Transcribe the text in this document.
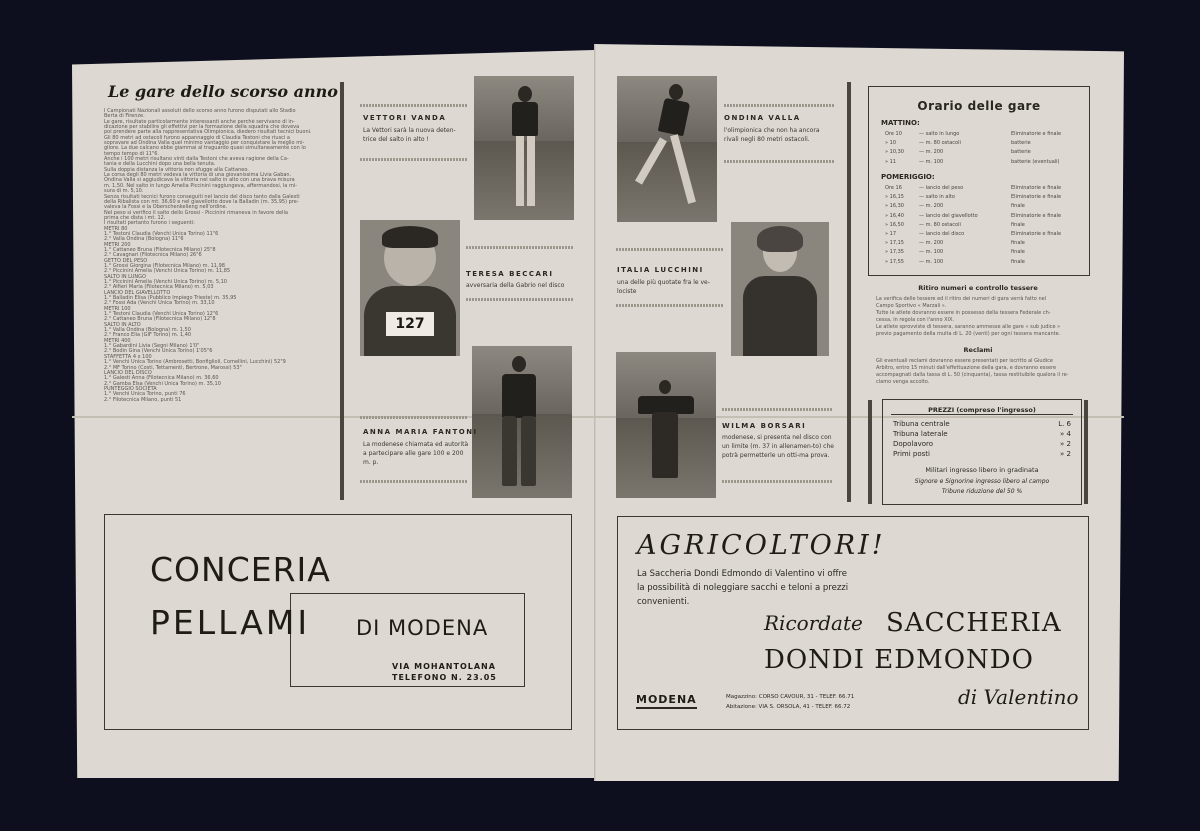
Le gare dello scorso anno
I Campionati Nazionali assoluti dello scorso anno furono disputati allo Stadio
Berta di Firenze.
Le gare, risultate particolarmente interessanti anche perchè servivano di in-
dicazione per stabilire gli effettivi per la formazione della squadra che doveva
poi prendere parte alla rappresentativa Olimpionica, diedero risultati tecnici buoni.
Gli 80 metri ad ostacoli furono appannaggio di Claudia Testoni che riuscì a
sopravare ad Ondina Valla quel minimo vantaggio per conquistare la meglio mi-
gliore. La due calcano ebbe giammai al traguardo quasi simultaneamente con lo
tempo tempo di 11"6.
Anche i 100 metri risultano vinti dalla Testoni che aveva ragione della Ca-
tania e della Lucchini dopo una bella tenuta.
Sulla doppia distanza la vittoria non sfugge alla Cattaneo.
La corsa degli 80 metri vedeva la vittoria di una giovanissima Livia Gaban.
Ondina Valla si aggiudicava la vittoria nel salto in alto con una brava misura
m. 1,50. Nel salto in lungo Amelia Piccinini raggiungeva, affermandosi, la mi-
sura di m. 5,10.
Senza risultati tecnici furono conseguiti nel lancio del disco tanto dalla Galesti
della Ribalista con mt. 36,60 e nel giavellotto dove la Balladin (m. 35,95) pre-
valeva la Fossi e la Oberschenkelieng nell'ordine.
Nel peso si verifico il salto dello Grossi - Piccinini rimaneva in favore della
prima che dista i mt. 12.
I risultati pertanto furono i seguenti:
METRI 80
1.° Testoni Claudia (Venchi Unica Torino) 11"6
2.° Valla Ondina (Bologna) 11"6
METRI 200
1.° Cattaneo Bruna (Filotecnica Milano) 25"8
2.° Cavagnari (Filotecnica Milano) 26"6
GETTO DEL PESO
1.° Grossi Giorgina (Filotecnica Milano) m. 11,98
2.° Piccinini Amelia (Venchi Unica Torino) m. 11,85
SALTO IN LUNGO
1.° Piccinini Amelia (Venchi Unica Torino) m. 5,10
2.° Alfieri Maria (Filotecnica Milano) m. 5,03
LANCIO DEL GIAVELLOTTO
1.° Balladin Elisa (Pubblico Impiego Trieste) m. 35,95
2.° Fossi Ada (Venchi Unica Torino) m. 33,10
METRI 100
1.° Testoni Claudia (Venchi Unica Torino) 12"6
2.° Cattaneo Bruna (Filotecnica Milano) 12"8
SALTO IN ALTO
1.° Valla Ondina (Bologna) m. 1,50
2.° Franco Elia (GIF Torino) m. 1,40
METRI 400
1.° Gabardini Livia (Segni Milano) 1'0"
2.° Bodin Gina (Venchi Unica Torino) 1'05"6
STAFFETTA 4 x 100
1.° Venchi Unica Torino (Ambrosetti, Bonfiglioli, Comellini, Lucchini) 52"9
2.° MF Torino (Costi, Tettamenti, Bertrone, Marossi) 53"
LANCIO DEL DISCO
1.° Galesti Anna (Filotecnica Milano) m. 36,60
2.° Gamba Elsa (Venchi Unica Torino) m. 35,10
PUNTEGGIO SOCIETÀ
1.° Venchi Unica Torino, punti 76
2.° Filotecnica Milano, punti 51
VETTORI VANDA
La Vettori sarà la nuova deten-trice del salto in alto !
127
TERESA BECCARI
avversaria della Gabrio nel disco
ANNA MARIA FANTONI
La modenese chiamata ed autorità a partecipare alle gare 100 e 200 m. p.
CONCERIA
PELLAMI DI MODENA
VIA MOHANTOLANA
TELEFONO N. 23.05
ONDINA VALLA
l'olimpionica che non ha ancora rivali negli 80 metri ostacoli.
ITALIA LUCCHINI
una delle più quotate fra le ve-lociste
WILMA BORSARI
modenese, si presenta nel disco con un limite (m. 37 in allenamen-to) che potrà permetterle un otti-ma prova.
Orario delle gare
MATTINO:
POMERIGGIO:
Ore 10	— salto in lungo	Eliminatorie e finale
» 10	— m. 80 ostacoli	batterie
» 10,30	— m. 200	batterie
» 11	— m. 100	batterie (eventuali)
Ore 16	— lancio del peso	Eliminatorie e finale
» 16,15	— salto in alto	Eliminatorie e finale
» 16,30	— m. 200	finale
» 16,40	— lancio del giavellotto	Eliminatorie e finale
» 16,50	— m. 80 ostacoli	finale
» 17	— lancio del disco	Eliminatorie e finale
» 17,15	— m. 200	finale
» 17,35	— m. 100	finale
» 17,55	— m. 100	finale
Ritiro numeri e controllo tessere
La verifica delle tessere ed il ritiro dei numeri di gara verrà fatto nel
Campo Sportivo « Marzali ».
Tutte le atlete dovranno essere in possesso della tessera Federale ch-
cessa, in regola con l'anno XIX.
Le atlete sprovviste di tessera, saranno ammesse alle gare « sub judice »
previo pagamento della multa di L. 20 (venti) per ogni tessera mancante.
Reclami
Gli eventuali reclami dovranno essere presentati per iscritto al Giudice
Arbitro, entro 15 minuti dall'effettuazione della gara, e dovranno essere
accompagnati dalla tassa di L. 50 (cinquanta), tassa restituibile qualora il re-
clamo venga accolto.
PREZZI (compreso l'ingresso)
Tribuna centrale	L. 6
Tribuna laterale	» 4
Dopolavoro	» 2
Primi posti	» 2
Militari ingresso libero in gradinata
Signore e Signorine ingresso libero al campo
Tribune riduzione del 50 %
AGRICOLTORI!
La Saccheria Dondi Edmondo di Valentino vi offre
la possibilità di noleggiare sacchi e teloni a prezzi
convenienti.
Ricordate SACCHERIA
DONDI EDMONDO
di Valentino
MODENA	Magazzino: CORSO CAVOUR, 31 - TELEF. 66.71
Abitazione: VIA S. ORSOLA, 41 - TELEF. 66.72
